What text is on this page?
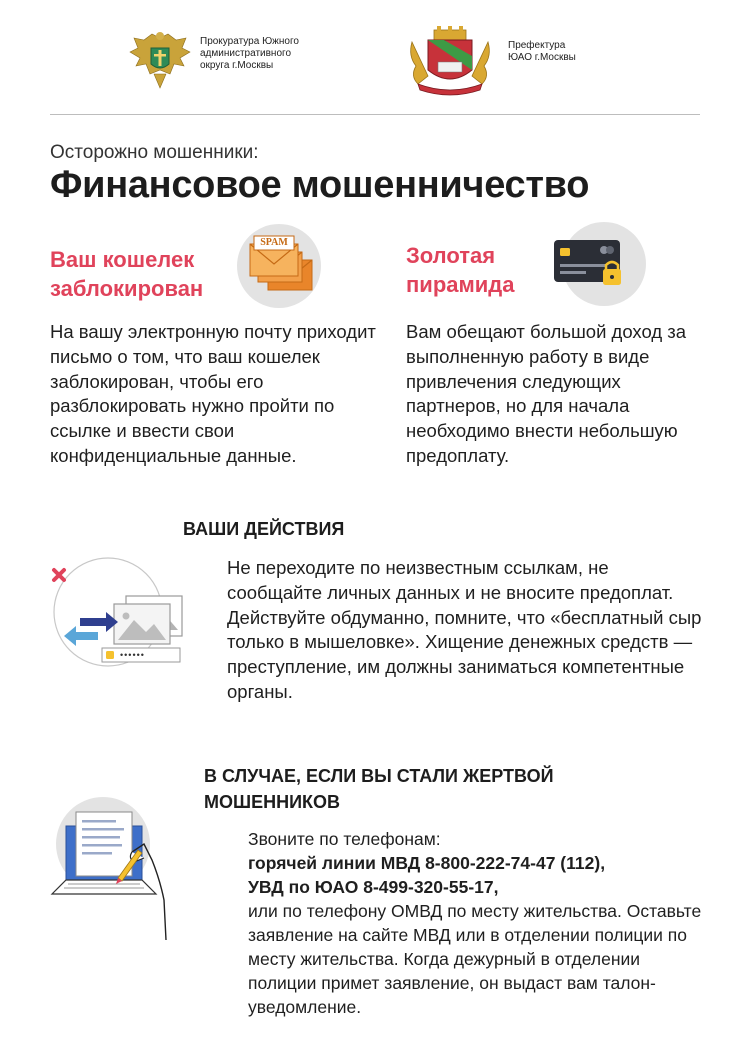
Прокуратура Южного
административного
округа г.Москвы
Префектура
ЮАО г.Москвы
Осторожно мошенники:
Финансовое мошенничество
Ваш кошелек
заблокирован
SPAM
На вашу электронную почту приходит письмо о том, что ваш кошелек заблокирован, чтобы его разблокировать нужно пройти по ссылке и ввести свои конфиденциальные данные.
Золотая
пирамида
Вам обещают большой доход за выполненную работу в виде привлечения следующих партнеров, но для начала необходимо внести небольшую предоплату.
ВАШИ ДЕЙСТВИЯ
••••••
Не переходите по неизвестным ссылкам, не сообщайте личных данных и не вносите предоплат. Действуйте обдуманно, помните, что «бесплатный сыр только в мышеловке». Хищение денежных средств — преступление, им должны заниматься компетентные органы.
В СЛУЧАЕ, ЕСЛИ ВЫ СТАЛИ ЖЕРТВОЙ
МОШЕННИКОВ
Звоните по телефонам:
горячей линии МВД 8-800-222-74-47 (112),
УВД по ЮАО 8-499-320-55-17,
или по телефону ОМВД по месту жительства. Оставьте заявление на сайте МВД или в отделении полиции по месту жительства. Когда дежурный в отделении полиции примет заявление, он выдаст вам талон-уведомление.
